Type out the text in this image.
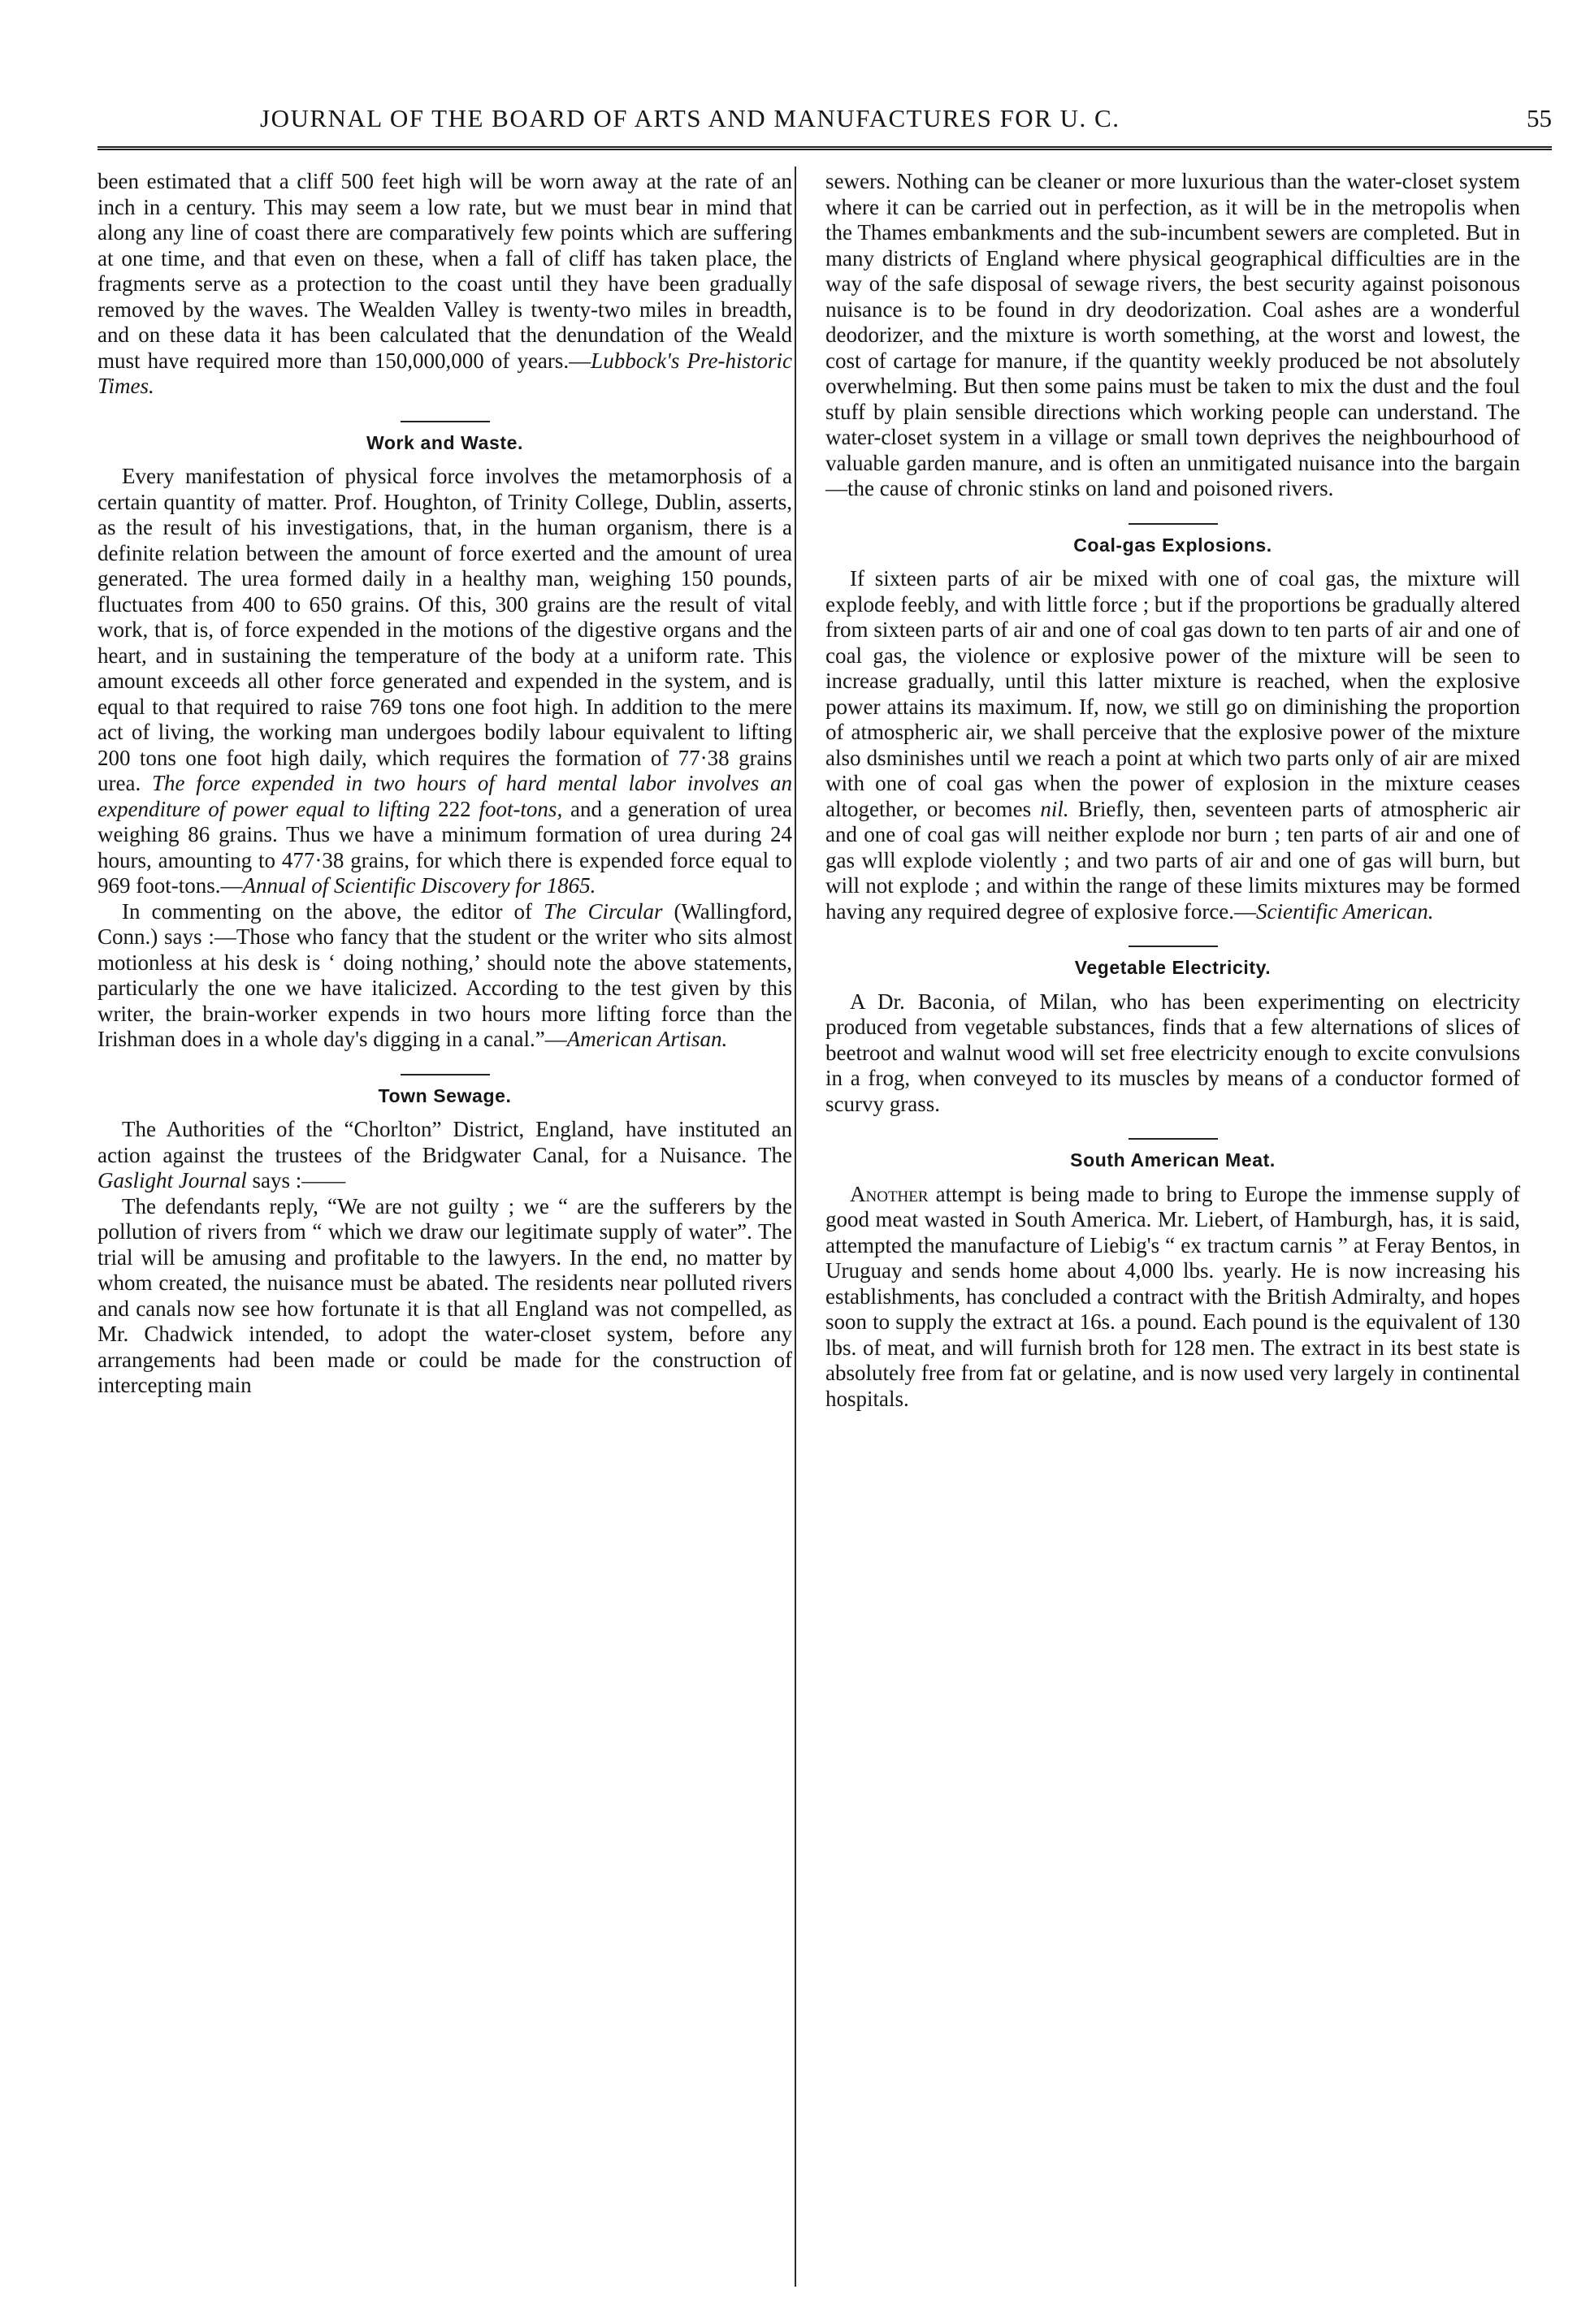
JOURNAL OF THE BOARD OF ARTS AND MANUFACTURES FOR U. C.	55

been estimated that a cliff 500 feet high will be worn away at the rate of an inch in a century. This may seem a low rate, but we must bear in mind that along any line of coast there are comparatively few points which are suffering at one time, and that even on these, when a fall of cliff has taken place, the fragments serve as a protection to the coast until they have been gradually removed by the waves. The Wealden Valley is twenty-two miles in breadth, and on these data it has been calculated that the denundation of the Weald must have required more than 150,000,000 of years.—Lubbock's Pre-historic Times.

Work and Waste.

Every manifestation of physical force involves the metamorphosis of a certain quantity of matter. Prof. Houghton, of Trinity College, Dublin, asserts, as the result of his investigations, that, in the human organism, there is a definite relation between the amount of force exerted and the amount of urea generated. The urea formed daily in a healthy man, weighing 150 pounds, fluctuates from 400 to 650 grains. Of this, 300 grains are the result of vital work, that is, of force expended in the motions of the digestive organs and the heart, and in sustaining the temperature of the body at a uniform rate. This amount exceeds all other force generated and expended in the system, and is equal to that required to raise 769 tons one foot high. In addition to the mere act of living, the working man undergoes bodily labour equivalent to lifting 200 tons one foot high daily, which requires the formation of 77·38 grains urea. The force expended in two hours of hard mental labor involves an expenditure of power equal to lifting 222 foot-tons, and a generation of urea weighing 86 grains. Thus we have a minimum formation of urea during 24 hours, amounting to 477·38 grains, for which there is expended force equal to 969 foot-tons.—Annual of Scientific Discovery for 1865.

In commenting on the above, the editor of The Circular (Wallingford, Conn.) says :—Those who fancy that the student or the writer who sits almost motionless at his desk is ‘ doing nothing,’ should note the above statements, particularly the one we have italicized. According to the test given by this writer, the brain-worker expends in two hours more lifting force than the Irishman does in a whole day's digging in a canal.”—American Artisan.

Town Sewage.

The Authorities of the “Chorlton” District, England, have instituted an action against the trustees of the Bridgwater Canal, for a Nuisance. The Gaslight Journal says :——

The defendants reply, “We are not guilty ; we “ are the sufferers by the pollution of rivers from “ which we draw our legitimate supply of water”. The trial will be amusing and profitable to the lawyers. In the end, no matter by whom created, the nuisance must be abated. The residents near polluted rivers and canals now see how fortunate it is that all England was not compelled, as Mr. Chadwick intended, to adopt the water-closet system, before any arrangements had been made or could be made for the construction of intercepting main

sewers. Nothing can be cleaner or more luxurious than the water-closet system where it can be carried out in perfection, as it will be in the metropolis when the Thames embankments and the sub-incumbent sewers are completed. But in many districts of England where physical geographical difficulties are in the way of the safe disposal of sewage rivers, the best security against poisonous nuisance is to be found in dry deodorization. Coal ashes are a wonderful deodorizer, and the mixture is worth something, at the worst and lowest, the cost of cartage for manure, if the quantity weekly produced be not absolutely overwhelming. But then some pains must be taken to mix the dust and the foul stuff by plain sensible directions which working people can understand. The water-closet system in a village or small town deprives the neighbourhood of valuable garden manure, and is often an unmitigated nuisance into the bargain—the cause of chronic stinks on land and poisoned rivers.

Coal-gas Explosions.

If sixteen parts of air be mixed with one of coal gas, the mixture will explode feebly, and with little force ; but if the proportions be gradually altered from sixteen parts of air and one of coal gas down to ten parts of air and one of coal gas, the violence or explosive power of the mixture will be seen to increase gradually, until this latter mixture is reached, when the explosive power attains its maximum. If, now, we still go on diminishing the proportion of atmospheric air, we shall perceive that the explosive power of the mixture also dsminishes until we reach a point at which two parts only of air are mixed with one of coal gas when the power of explosion in the mixture ceases altogether, or becomes nil. Briefly, then, seventeen parts of atmospheric air and one of coal gas will neither explode nor burn ; ten parts of air and one of gas wlll explode violently ; and two parts of air and one of gas will burn, but will not explode ; and within the range of these limits mixtures may be formed having any required degree of explosive force.—Scientific American.

Vegetable Electricity.

A Dr. Baconia, of Milan, who has been experimenting on electricity produced from vegetable substances, finds that a few alternations of slices of beetroot and walnut wood will set free electricity enough to excite convulsions in a frog, when conveyed to its muscles by means of a conductor formed of scurvy grass.

South American Meat.

Another attempt is being made to bring to Europe the immense supply of good meat wasted in South America. Mr. Liebert, of Hamburgh, has, it is said, attempted the manufacture of Liebig's “ ex tractum carnis ” at Feray Bentos, in Uruguay and sends home about 4,000 lbs. yearly. He is now increasing his establishments, has concluded a contract with the British Admiralty, and hopes soon to supply the extract at 16s. a pound. Each pound is the equivalent of 130 lbs. of meat, and will furnish broth for 128 men. The extract in its best state is absolutely free from fat or gelatine, and is now used very largely in continental hospitals.
